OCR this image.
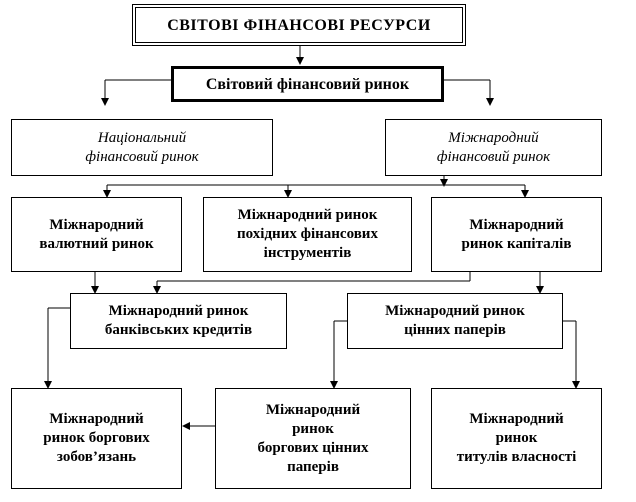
СВІТОВІ ФІНАНСОВІ РЕСУРСИ
Світовий фінансовий ринок
Національний
фінансовий ринок
Міжнародний
фінансовий ринок
Міжнародний
валютний ринок
Міжнародний ринок
похідних фінансових
інструментів
Міжнародний
ринок капіталів
Міжнародний ринок
банківських кредитів
Міжнародний ринок
цінних паперів
Міжнародний
ринок боргових
зобов’язань
Міжнародний
ринок
боргових цінних
паперів
Міжнародний
ринок
титулів власності
